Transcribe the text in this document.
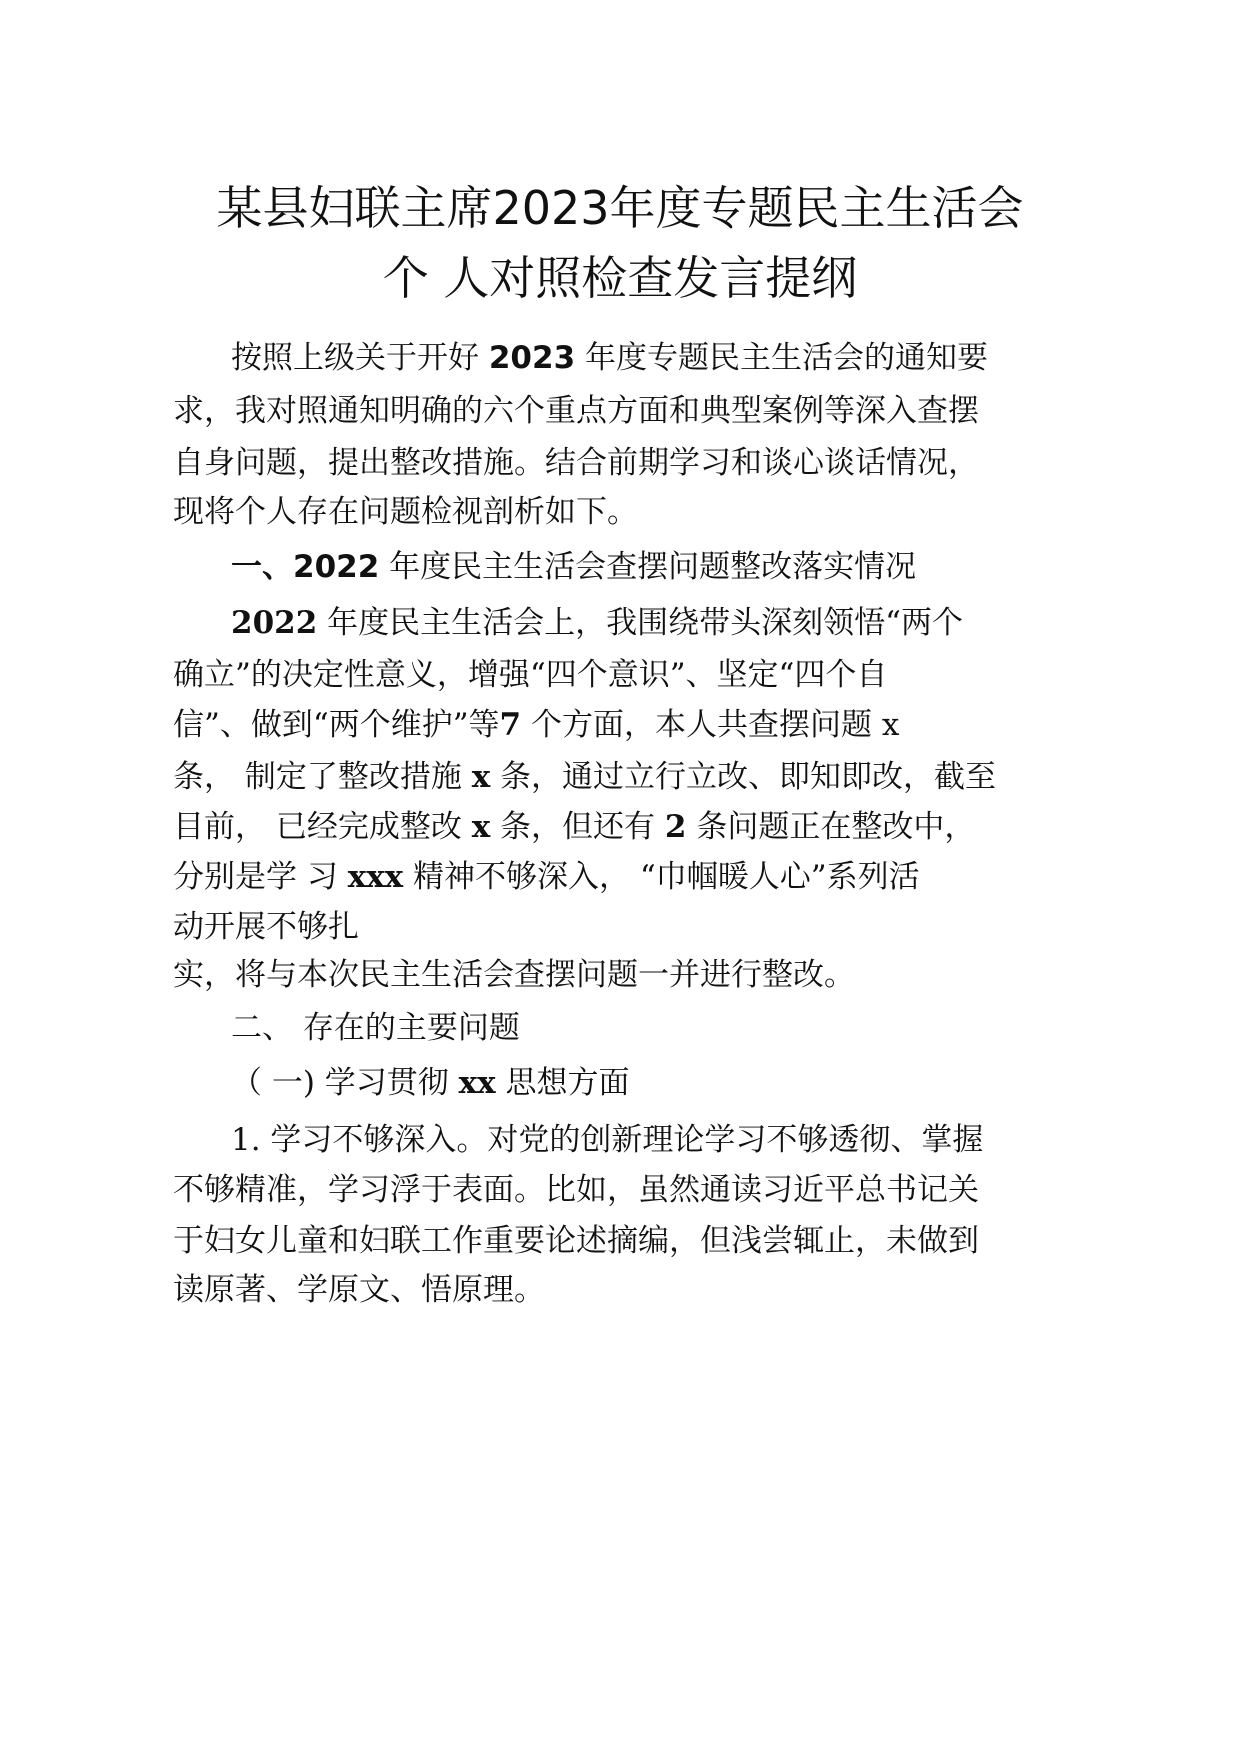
某县妇联主席2023年度专题民主生活会
个 人对照检查发言提纲
按照上级关于开好 2023 年度专题民主生活会的通知要
求，我对照通知明确的六个重点方面和典型案例等深入查摆
自身问题，提出整改措施。结合前期学习和谈心谈话情况，
现将个人存在问题检视剖析如下。
一、2022 年度民主生活会查摆问题整改落实情况
2022 年度民主生活会上，我围绕带头深刻领悟“两个
确立”的决定性意义，增强“四个意识”、坚定“四个自
信”、做到“两个维护”等7 个方面，本人共查摆问题 x
条， 制定了整改措施 x 条，通过立行立改、即知即改，截至
目前， 已经完成整改 x 条，但还有 2 条问题正在整改中，
分别是学 习 xxx 精神不够深入， “巾帼暖人心”系列活
动开展不够扎
实，将与本次民主生活会查摆问题一并进行整改。
二、 存在的主要问题
（ 一) 学习贯彻 xx 思想方面
1. 学习不够深入。对党的创新理论学习不够透彻、掌握
不够精准，学习浮于表面。比如，虽然通读习近平总书记关
于妇女儿童和妇联工作重要论述摘编，但浅尝辄止，未做到
读原著、学原文、悟原理。
